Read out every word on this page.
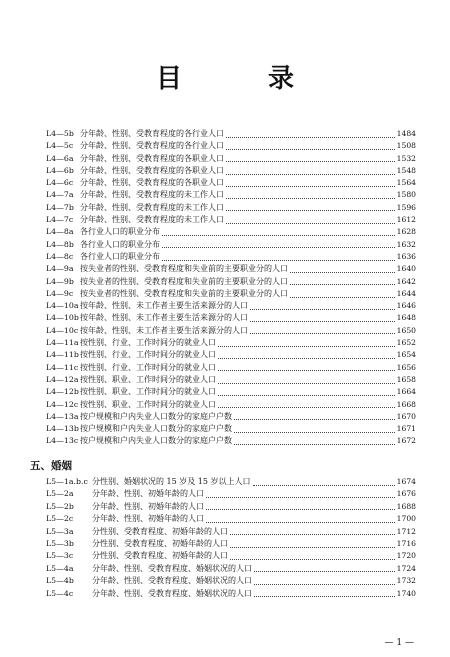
目　录
L4—5b 分年龄、性别、受教育程度的各行业人口	1484
L4—5c 分年龄、性别、受教育程度的各行业人口	1508
L4—6a 分年龄、性别、受教育程度的各职业人口	1532
L4—6b 分年龄、性别、受教育程度的各职业人口	1548
L4—6c 分年龄、性别、受教育程度的各职业人口	1564
L4—7a 分年龄、性别、受教育程度的未工作人口	1580
L4—7b 分年龄、性别、受教育程度的未工作人口	1596
L4—7c 分年龄、性别、受教育程度的未工作人口	1612
L4—8a 各行业人口的职业分布	1628
L4—8b 各行业人口的职业分布	1632
L4—8c 各行业人口的职业分布	1636
L4—9a 按失业者的性别、受教育程度和失业前的主要职业分的人口	1640
L4—9b 按失业者的性别、受教育程度和失业前的主要职业分的人口	1642
L4—9c 按失业者的性别、受教育程度和失业前的主要职业分的人口	1644
L4—10a 按年龄、性别、未工作者主要生活来源分的人口	1646
L4—10b 按年龄、性别、未工作者主要生活来源分的人口	1648
L4—10c 按年龄、性别、未工作者主要生活来源分的人口	1650
L4—11a 按性别、行业、工作时间分的就业人口	1652
L4—11b 按性别、行业、工作时间分的就业人口	1654
L4—11c 按性别、行业、工作时间分的就业人口	1656
L4—12a 按性别、职业、工作时间分的就业人口	1658
L4—12b 按性别、职业、工作时间分的就业人口	1664
L4—12c 按性别、职业、工作时间分的就业人口	1668
L4—13a 按户规模和户内失业人口数分的家庭户户数	1670
L4—13b 按户规模和户内失业人口数分的家庭户户数	1671
L4—13c 按户规模和户内失业人口数分的家庭户户数	1672
五、婚姻
L5—1a.b.c 分性别、婚姻状况的 15 岁及 15 岁以上人口	1674
L5—2a	分年龄、性别、初婚年龄的人口	1676
L5—2b	分年龄、性别、初婚年龄的人口	1688
L5—2c	分年龄、性别、初婚年龄的人口	1700
L5—3a	分性别、受教育程度、初婚年龄的人口	1712
L5—3b	分性别、受教育程度、初婚年龄的人口	1716
L5—3c	分性别、受教育程度、初婚年龄的人口	1720
L5—4a	分年龄、性别、受教育程度、婚姻状况的人口	1724
L5—4b	分年龄、性别、受教育程度、婚姻状况的人口	1732
L5—4c	分年龄、性别、受教育程度、婚姻状况的人口	1740
— 1 —
